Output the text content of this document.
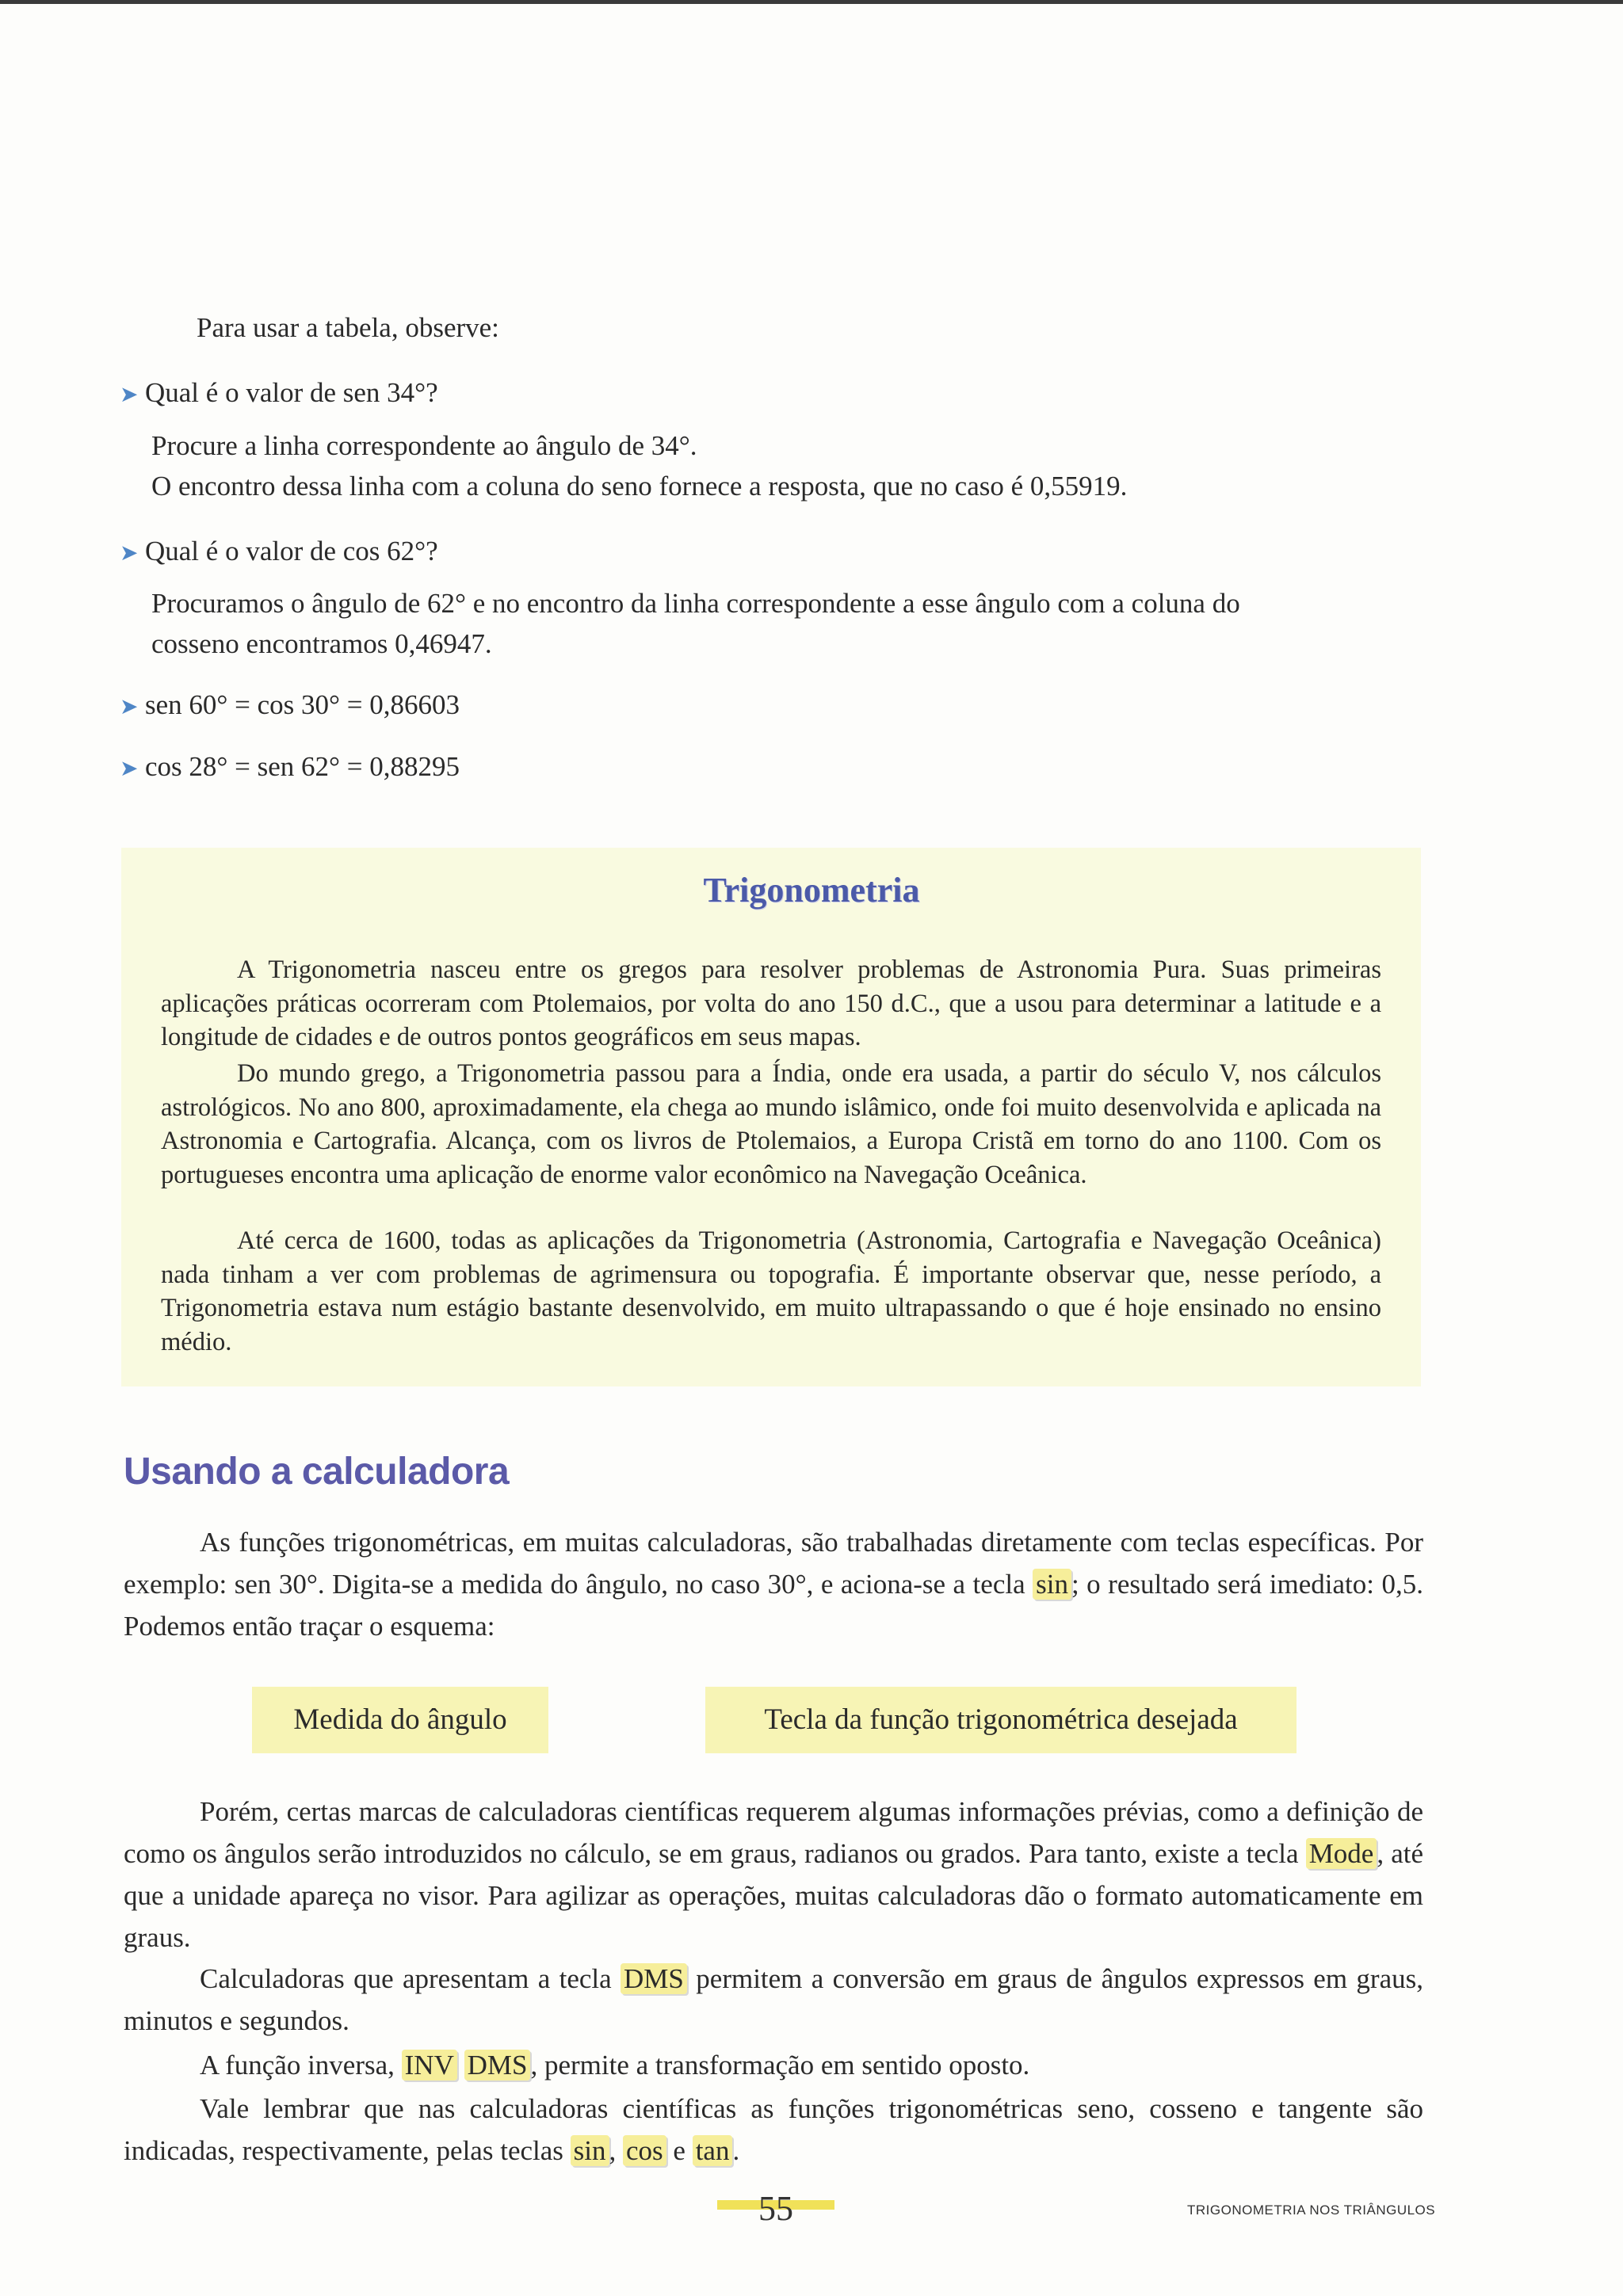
Para usar a tabela, observe:
➤ Qual é o valor de sen 34°?
Procure a linha correspondente ao ângulo de 34°.
O encontro dessa linha com a coluna do seno fornece a resposta, que no caso é 0,55919.
➤ Qual é o valor de cos 62°?
Procuramos o ângulo de 62° e no encontro da linha correspondente a esse ângulo com a coluna do
cosseno encontramos 0,46947.
➤ sen 60° = cos 30° = 0,86603
➤ cos 28° = sen 62° = 0,88295
Trigonometria
A Trigonometria nasceu entre os gregos para resolver problemas de Astronomia Pura. Suas primeiras aplicações práticas ocorreram com Ptolemaios, por volta do ano 150 d.C., que a usou para determinar a latitude e a longitude de cidades e de outros pontos geográficos em seus mapas.
Do mundo grego, a Trigonometria passou para a Índia, onde era usada, a partir do século V, nos cálculos astrológicos. No ano 800, aproximadamente, ela chega ao mundo islâmico, onde foi muito desenvolvida e aplicada na Astronomia e Cartografia. Alcança, com os livros de Ptolemaios, a Europa Cristã em torno do ano 1100. Com os portugueses encontra uma aplicação de enorme valor econômico na Navegação Oceânica.
Até cerca de 1600, todas as aplicações da Trigonometria (Astronomia, Cartografia e Navegação Oceânica) nada tinham a ver com problemas de agrimensura ou topografia. É importante observar que, nesse período, a Trigonometria estava num estágio bastante desenvolvido, em muito ultrapassando o que é hoje ensinado no ensino médio.
Usando a calculadora
As funções trigonométricas, em muitas calculadoras, são trabalhadas diretamente com teclas específicas. Por exemplo: sen 30°. Digita-se a medida do ângulo, no caso 30°, e aciona-se a tecla sin ; o resultado será imediato: 0,5. Podemos então traçar o esquema:
Medida do ângulo	Tecla da função trigonométrica desejada
Porém, certas marcas de calculadoras científicas requerem algumas informações prévias, como a definição de como os ângulos serão introduzidos no cálculo, se em graus, radianos ou grados. Para tanto, existe a tecla Mode , até que a unidade apareça no visor. Para agilizar as operações, muitas calculadoras dão o formato automaticamente em graus.
Calculadoras que apresentam a tecla DMS permitem a conversão em graus de ângulos expressos em graus, minutos e segundos.
A função inversa, INV DMS , permite a transformação em sentido oposto.
Vale lembrar que nas calculadoras científicas as funções trigonométricas seno, cosseno e tangente são indicadas, respectivamente, pelas teclas sin , cos e tan .
55	TRIGONOMETRIA NOS TRIÂNGULOS
